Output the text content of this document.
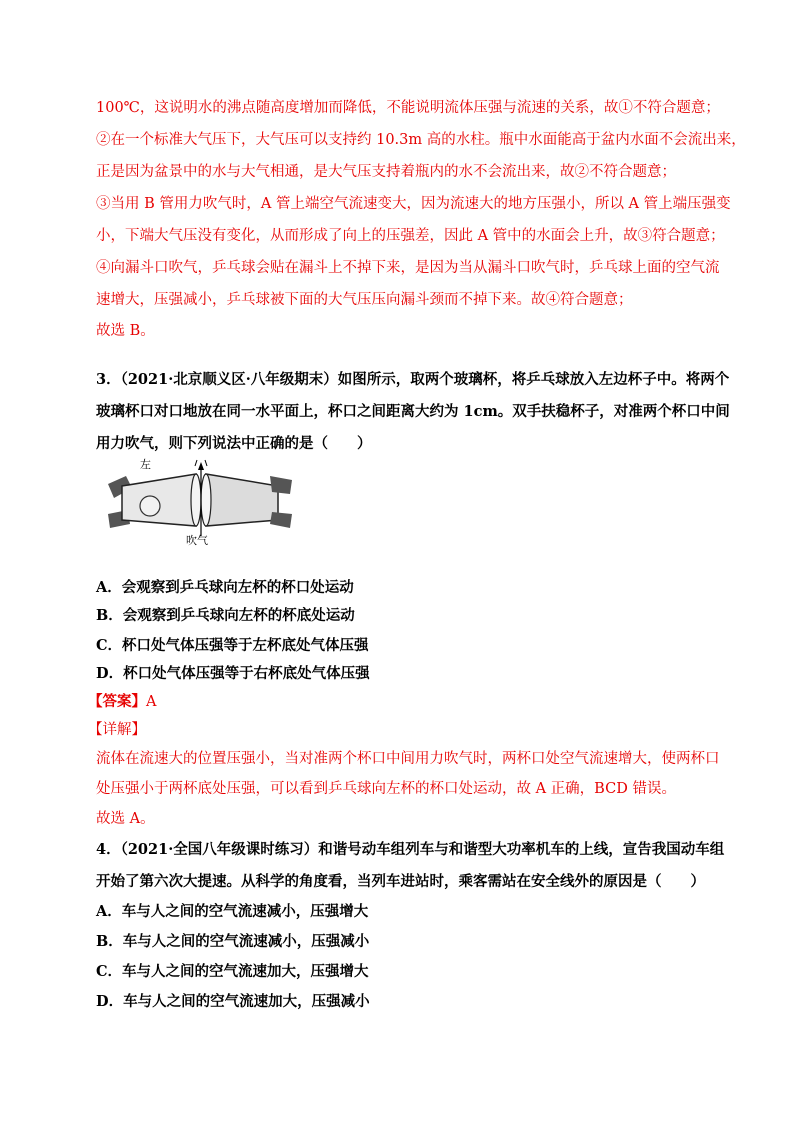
100℃，这说明水的沸点随高度增加而降低，不能说明流体压强与流速的关系，故①不符合题意；
②在一个标准大气压下，大气压可以支持约 10.3m 高的水柱。瓶中水面能高于盆内水面不会流出来，
正是因为盆景中的水与大气相通，是大气压支持着瓶内的水不会流出来，故②不符合题意；
③当用 B 管用力吹气时，A 管上端空气流速变大，因为流速大的地方压强小，所以 A 管上端压强变
小，下端大气压没有变化，从而形成了向上的压强差，因此 A 管中的水面会上升，故③符合题意；
④向漏斗口吹气，乒乓球会贴在漏斗上不掉下来，是因为当从漏斗口吹气时，乒乓球上面的空气流
速增大，压强减小，乒乓球被下面的大气压压向漏斗颈而不掉下来。故④符合题意；
故选 B。
3．（2021·北京顺义区·八年级期末）如图所示，取两个玻璃杯，将乒乓球放入左边杯子中。将两个
玻璃杯口对口地放在同一水平面上，杯口之间距离大约为 1cm。双手扶稳杯子，对准两个杯口中间
用力吹气，则下列说法中正确的是（　　）
左
吹气
A．会观察到乒乓球向左杯的杯口处运动
B．会观察到乒乓球向左杯的杯底处运动
C．杯口处气体压强等于左杯底处气体压强
D．杯口处气体压强等于右杯底处气体压强
【答案】A
【详解】
流体在流速大的位置压强小，当对准两个杯口中间用力吹气时，两杯口处空气流速增大，使两杯口
处压强小于两杯底处压强，可以看到乒乓球向左杯的杯口处运动，故 A 正确，BCD 错误。
故选 A。
4．（2021·全国八年级课时练习）和谐号动车组列车与和谐型大功率机车的上线，宣告我国动车组
开始了第六次大提速。从科学的角度看，当列车进站时，乘客需站在安全线外的原因是（　　）
A．车与人之间的空气流速减小，压强增大
B．车与人之间的空气流速减小，压强减小
C．车与人之间的空气流速加大，压强增大
D．车与人之间的空气流速加大，压强减小
